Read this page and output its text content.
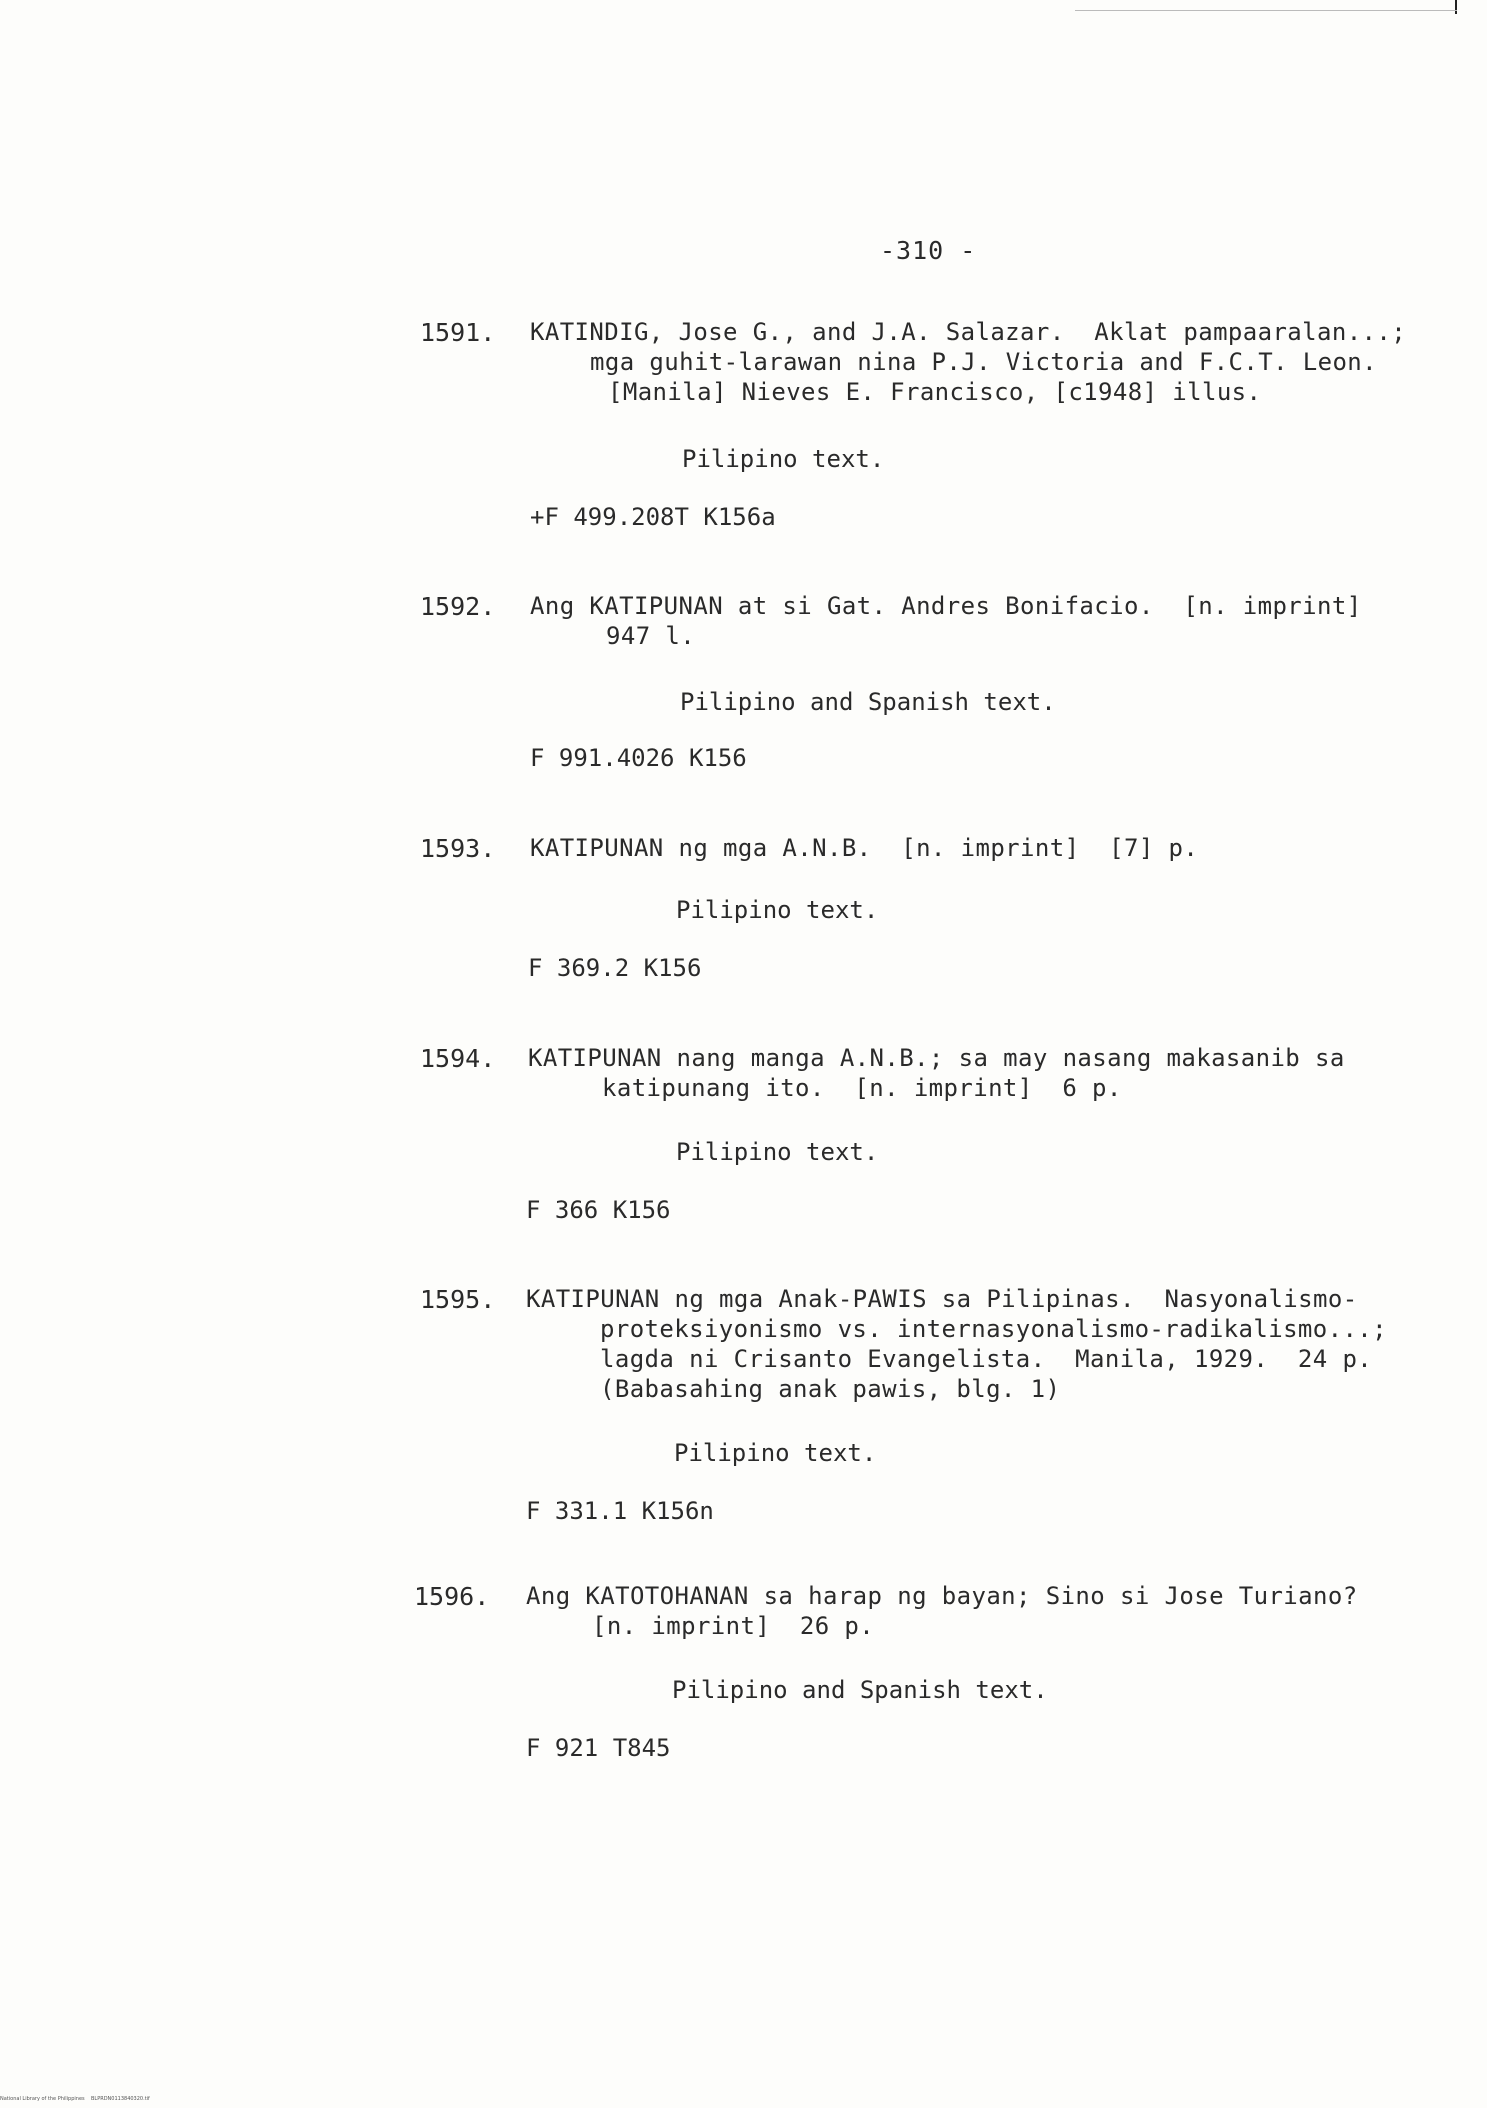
-310 -
1591. KATINDIG, Jose G., and J.A. Salazar.  Aklat pampaaralan...;
mga guhit-larawan nina P.J. Victoria and F.C.T. Leon.
[Manila] Nieves E. Francisco, [c1948] illus.
Pilipino text.
+F 499.208T K156a
1592. Ang KATIPUNAN at si Gat. Andres Bonifacio.  [n. imprint]
947 l.
Pilipino and Spanish text.
F 991.4026 K156
1593. KATIPUNAN ng mga A.N.B.  [n. imprint]  [7] p.
Pilipino text.
F 369.2 K156
1594. KATIPUNAN nang manga A.N.B.; sa may nasang makasanib sa
katipunang ito.  [n. imprint]  6 p.
Pilipino text.
F 366 K156
1595. KATIPUNAN ng mga Anak-PAWIS sa Pilipinas.  Nasyonalismo-
proteksiyonismo vs. internasyonalismo-radikalismo...;
lagda ni Crisanto Evangelista.  Manila, 1929.  24 p.
(Babasahing anak pawis, blg. 1)
Pilipino text.
F 331.1 K156n
1596. Ang KATOTOHANAN sa harap ng bayan; Sino si Jose Turiano?
[n. imprint]  26 p.
Pilipino and Spanish text.
F 921 T845
National Library of the Philippines    BLPRDN0113840320.tif
